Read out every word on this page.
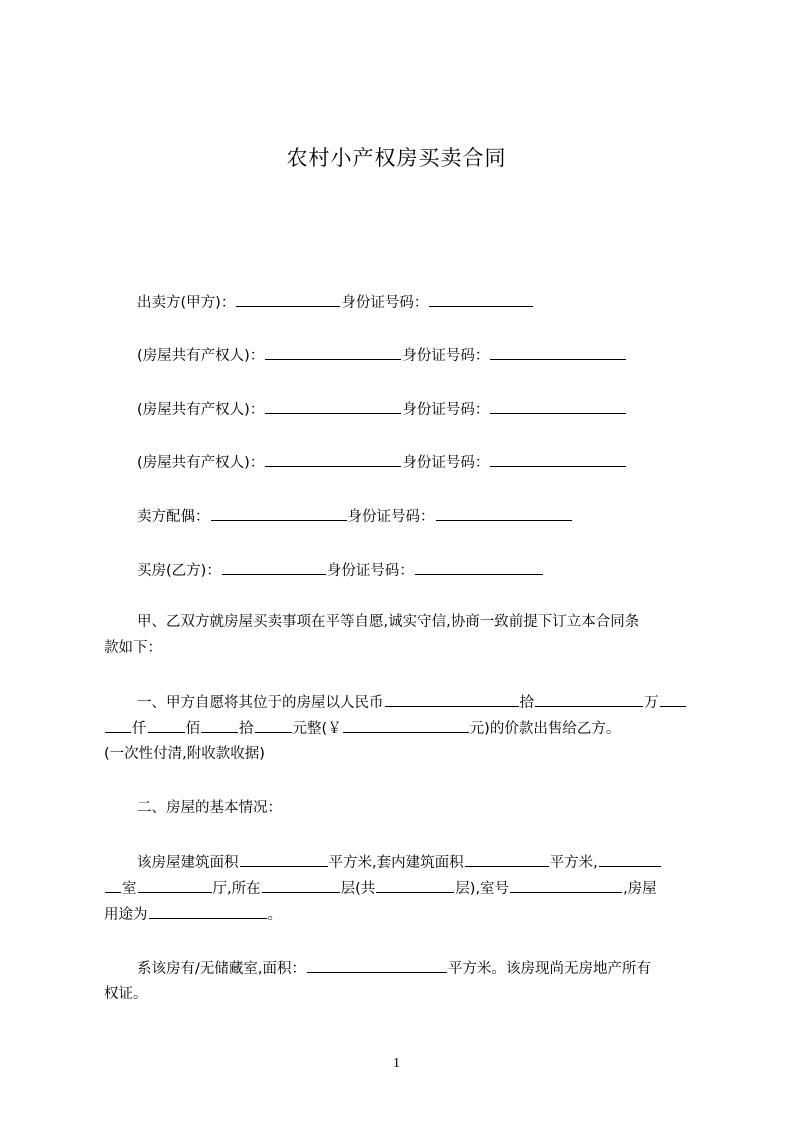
农村小产权房买卖合同
出卖方(甲方)：	身份证号码：
(房屋共有产权人)：	身份证号码：
(房屋共有产权人)：	身份证号码：
(房屋共有产权人)：	身份证号码：
卖方配偶：	身份证号码：
买房(乙方)：	身份证号码：
甲、乙双方就房屋买卖事项在平等自愿,诚实守信,协商一致前提下订立本合同条
款如下：
一、甲方自愿将其位于的房屋以人民币	拾	万
仟	佰	拾	元整(￥	元)的价款出售给乙方。
(一次性付清,附收款收据)
二、房屋的基本情况：
该房屋建筑面积	平方米,套内建筑面积	平方米,
室	厅,所在	层(共	层),室号	,房屋
用途为	。
系该房有/无储藏室,面积：	平方米。该房现尚无房地产所有
权证。
1
